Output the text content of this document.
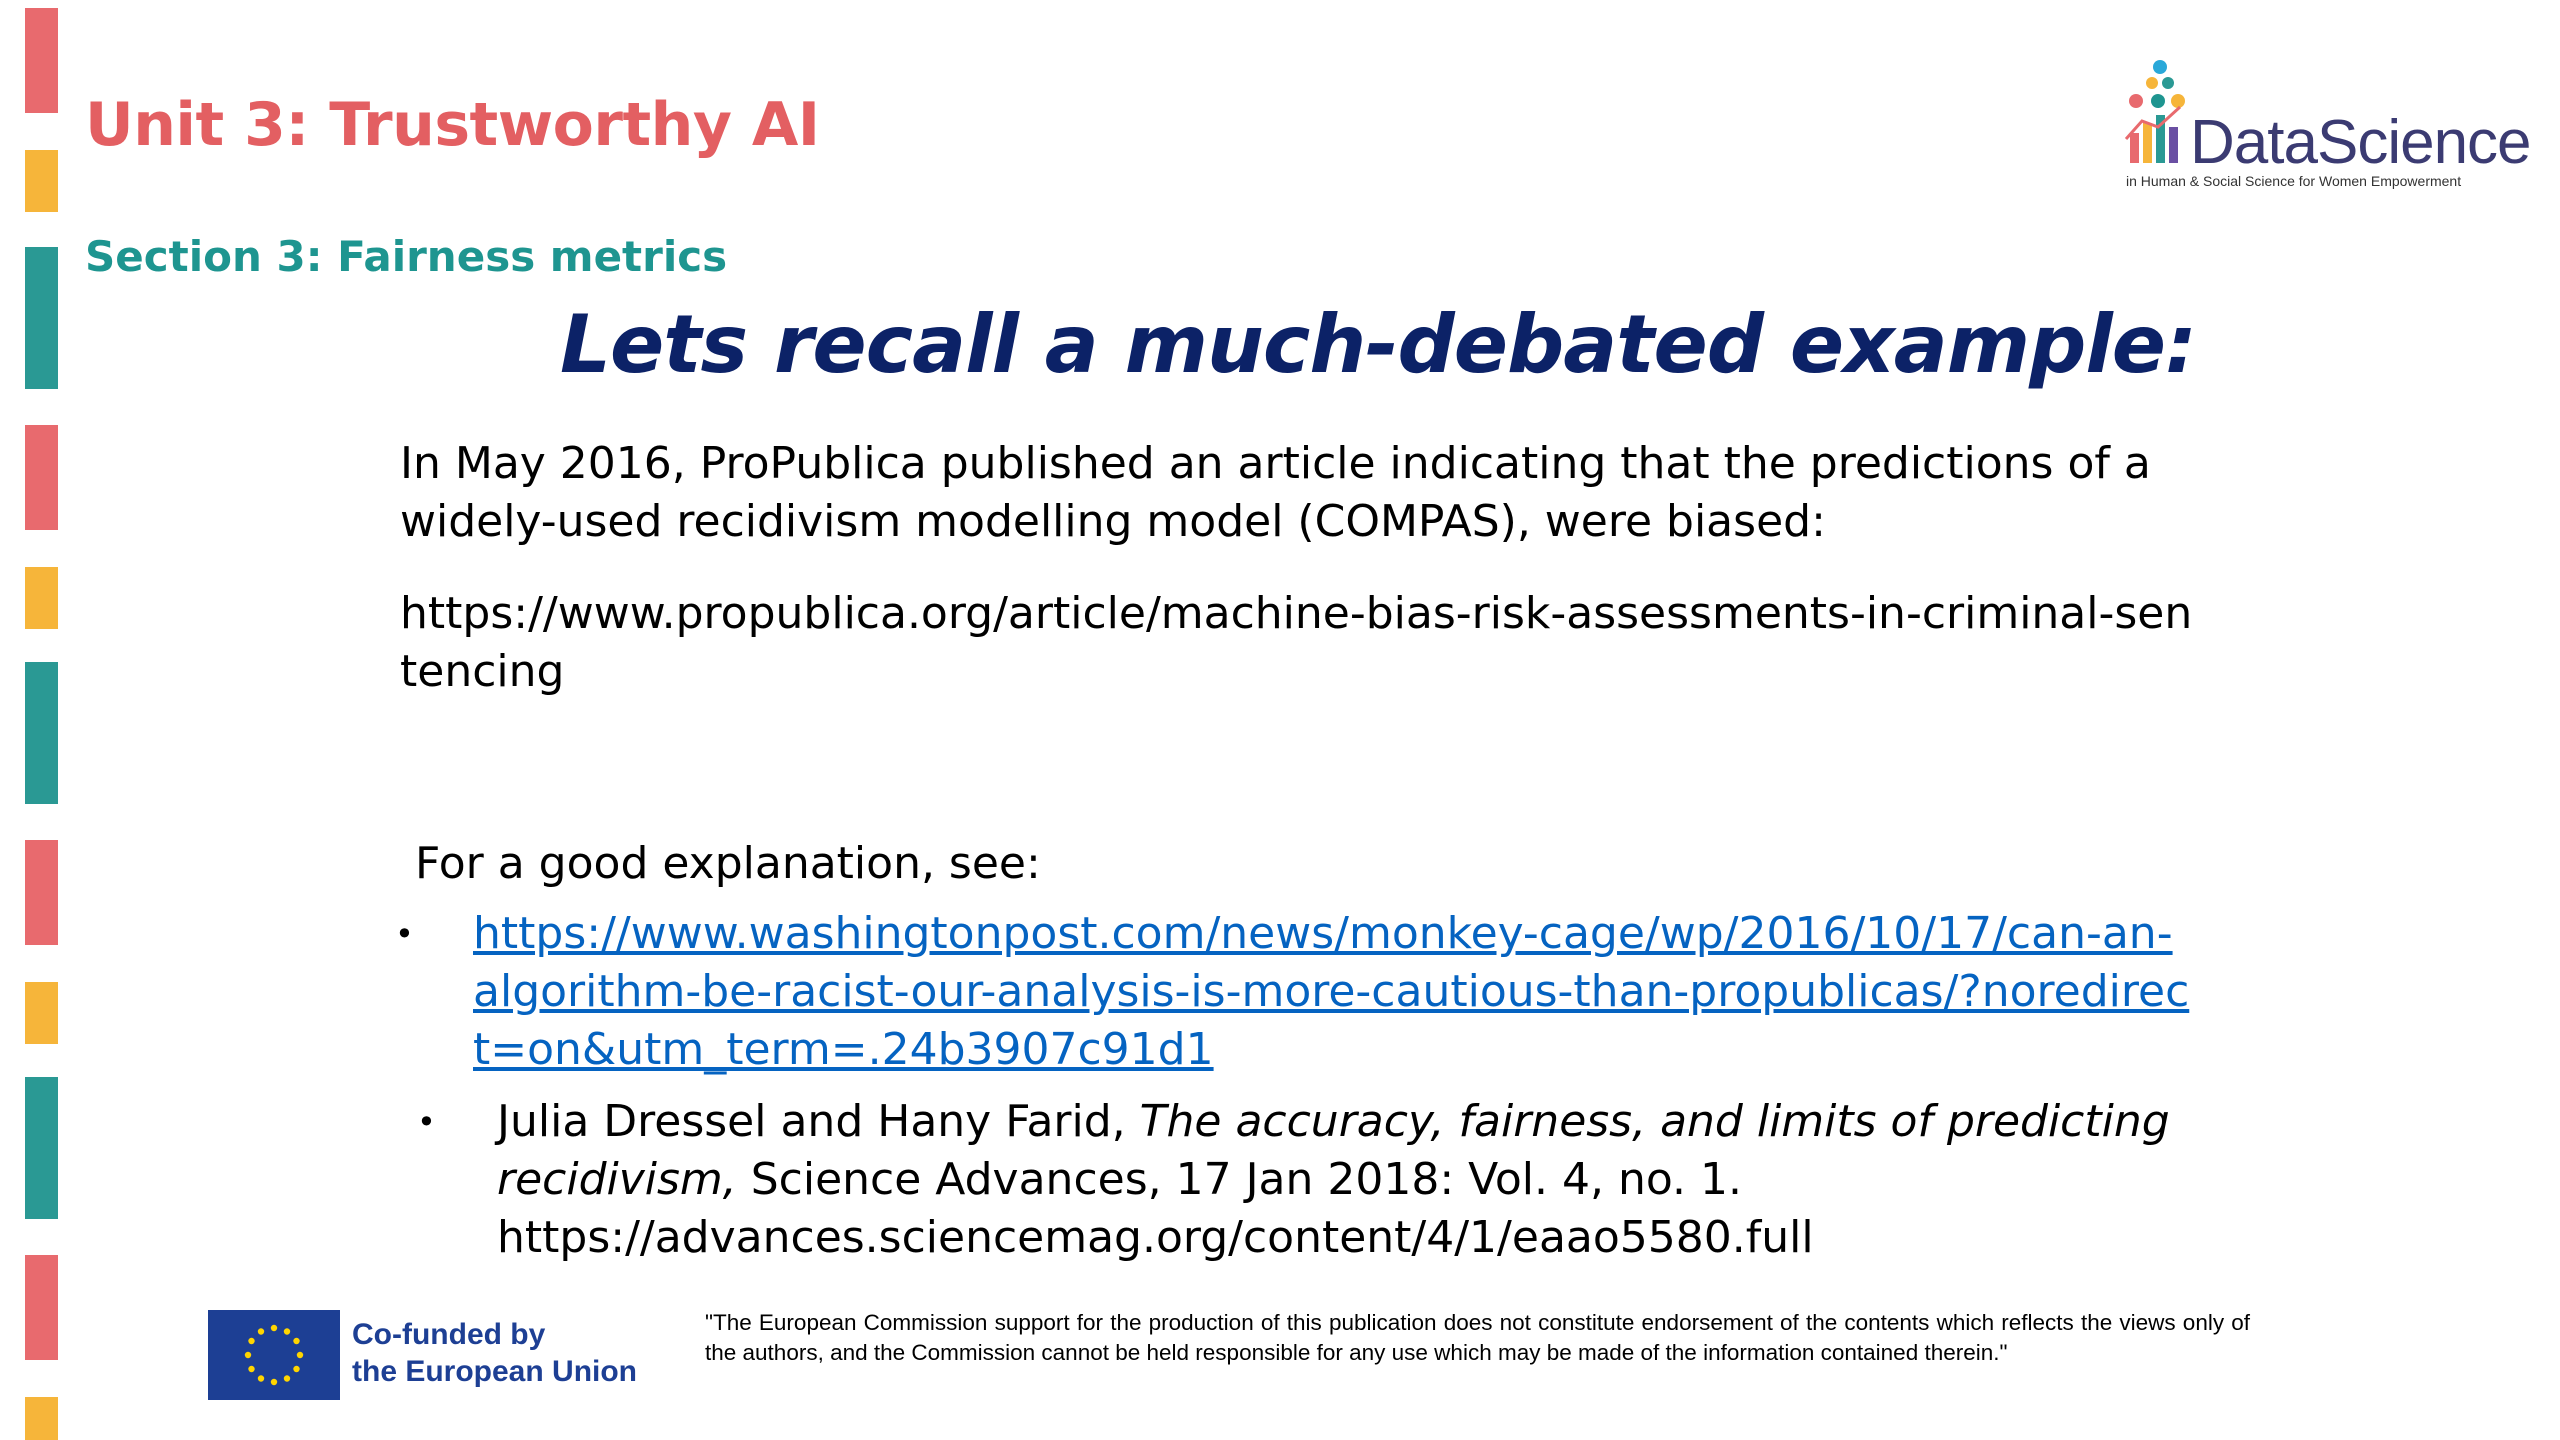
Unit 3: Trustworthy AI
Section 3: Fairness metrics
DataScience
in Human & Social Science for Women Empowerment
Lets recall a much-debated example:
In May 2016, ProPublica published an article indicating that the predictions of a widely-used recidivism modelling model (COMPAS), were biased:
https://www.propublica.org/article/machine-bias-risk-assessments-in-criminal-sentencing
For a good explanation, see:
• https://www.washingtonpost.com/news/monkey-cage/wp/2016/10/17/can-an-algorithm-be-racist-our-analysis-is-more-cautious-than-propublicas/?noredirect=on&utm_term=.24b3907c91d1
• Julia Dressel and Hany Farid, The accuracy, fairness, and limits of predicting recidivism, Science Advances, 17 Jan 2018: Vol. 4, no. 1.
https://advances.sciencemag.org/content/4/1/eaao5580.full
Co-funded by
the European Union
"The European Commission support for the production of this publication does not constitute endorsement of the contents which reflects the views only of the authors, and the Commission cannot be held responsible for any use which may be made of the information contained therein."
